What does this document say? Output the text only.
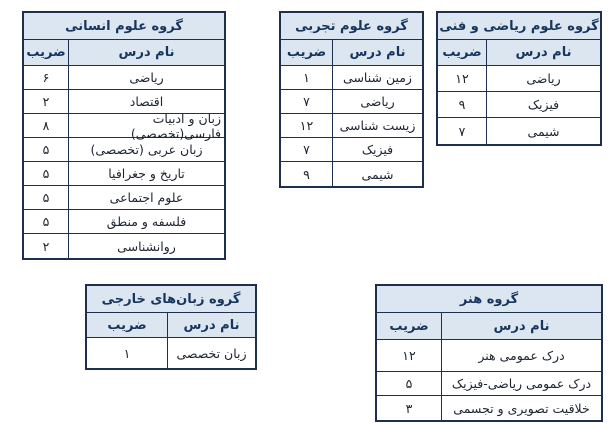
گروه علوم انسانی
ضریب	نام درس
۶	ریاضی
۲	اقتصاد
۸	زبان و ادبیات فارسی(تخصصی)
۵	زبان عربی (تخصصی)
۵	تاریخ و جغرافیا
۵	علوم اجتماعی
۵	فلسفه و منطق
۲	روانشناسی
گروه علوم تجربی
ضریب	نام درس
۱	زمین شناسی
۷	ریاضی
۱۲	زیست شناسی
۷	فیزیک
۹	شیمی
گروه علوم ریاضی و فنی
ضریب	نام درس
۱۲	ریاضی
۹	فیزیک
۷	شیمی
گروه زبان‌های خارجی
ضریب	نام درس
۱	زبان تخصصی
گروه هنر
ضریب	نام درس
۱۲	درک عمومی هنر
۵	درک عمومی ریاضی-فیزیک
۳	خلاقیت تصویری و تجسمی
